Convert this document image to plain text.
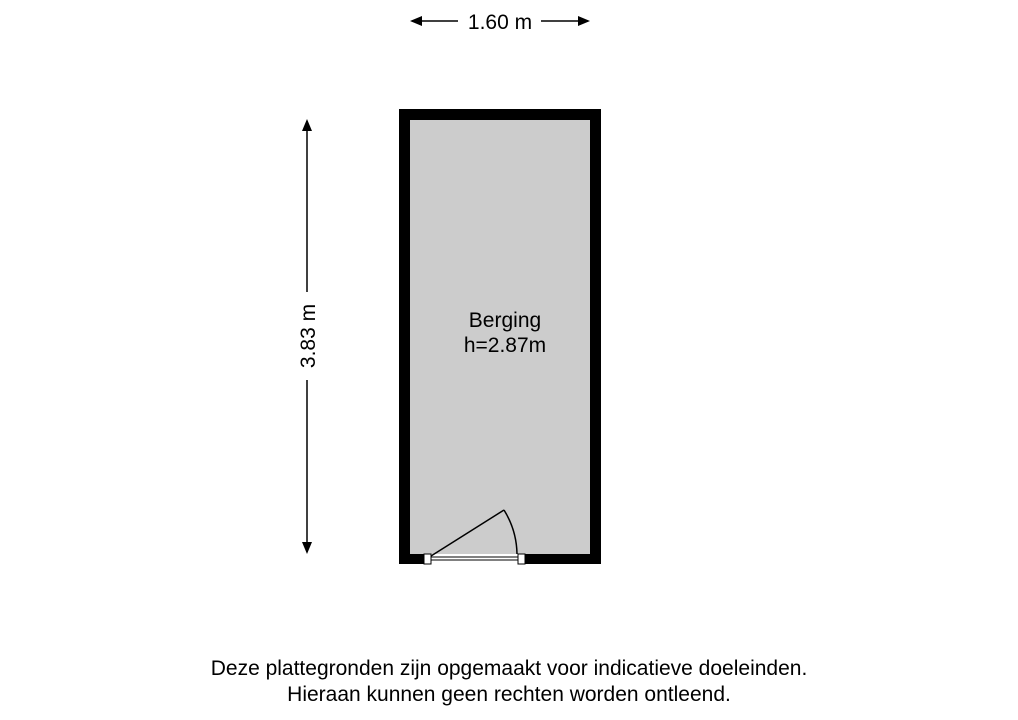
1.60 m
3.83 m	Berging
h=2.87m
Deze plattegronden zijn opgemaakt voor indicatieve doeleinden.
Hieraan kunnen geen rechten worden ontleend.
